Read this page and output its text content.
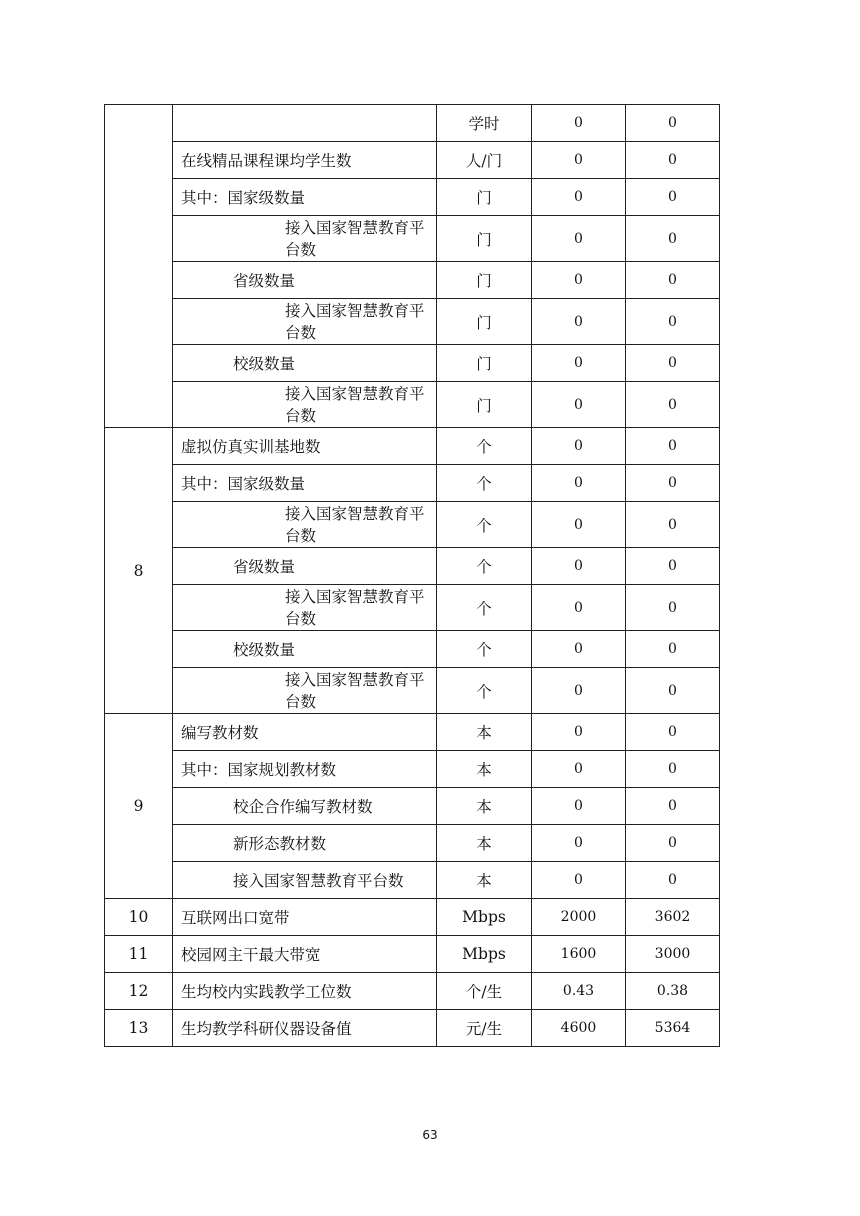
		学时	0	0
	在线精品课程课均学生数	人/门	0	0
	其中：国家级数量	门	0	0

	接入国家智慧教育平台数	门	0	0
	省级数量	门	0	0

	接入国家智慧教育平台数	门	0	0
	校级数量	门	0	0

	接入国家智慧教育平台数	门	0	0
8	虚拟仿真实训基地数	个	0	0
	其中：国家级数量	个	0	0

	接入国家智慧教育平台数	个	0	0
	省级数量	个	0	0

	接入国家智慧教育平台数	个	0	0
	校级数量	个	0	0

	接入国家智慧教育平台数	个	0	0
9	编写教材数	本	0	0
	其中：国家规划教材数	本	0	0
	校企合作编写教材数	本	0	0
	新形态教材数	本	0	0
	接入国家智慧教育平台数	本	0	0
10	互联网出口宽带	Mbps	2000	3602
11	校园网主干最大带宽	Mbps	1600	3000
12	生均校内实践教学工位数	个/生	0.43	0.38
13	生均教学科研仪器设备值	元/生	4600	5364
63
